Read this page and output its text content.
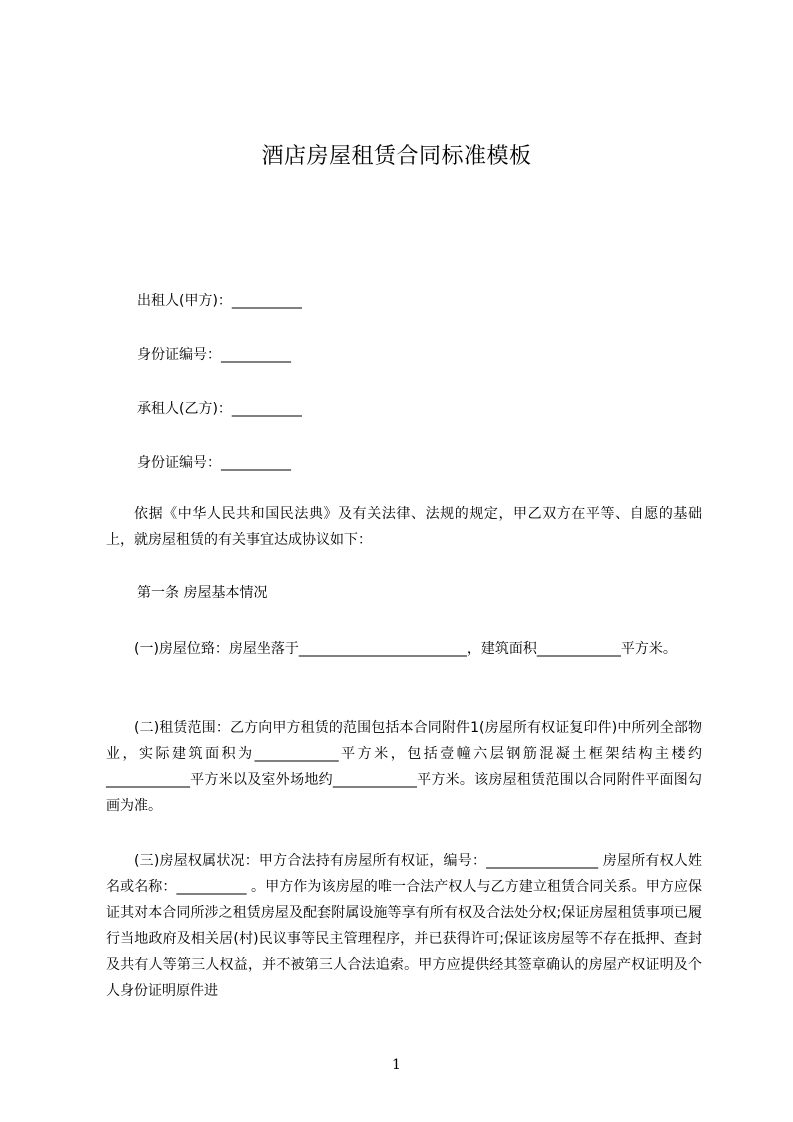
酒店房屋租赁合同标准模板
出租人(甲方)：__________
身份证编号：__________
承租人(乙方)：__________
身份证编号：__________
依据《中华人民共和国民法典》及有关法律、法规的规定，甲乙双方在平等、自愿的基础上，就房屋租赁的有关事宜达成协议如下：
第一条 房屋基本情况
(一)房屋位臵：房屋坐落于________________________，建筑面积____________平方米。
(二)租赁范围：乙方向甲方租赁的范围包括本合同附件1(房屋所有权证复印件)中所列全部物业，实际建筑面积为____________平方米，包括壹幢六层钢筋混凝土框架结构主楼约____________平方米以及室外场地约____________平方米。该房屋租赁范围以合同附件平面图勾画为准。
(三)房屋权属状况：甲方合法持有房屋所有权证，编号：________________ 房屋所有权人姓名或名称：__________ 。甲方作为该房屋的唯一合法产权人与乙方建立租赁合同关系。甲方应保证其对本合同所涉之租赁房屋及配套附属设施等享有所有权及合法处分权;保证房屋租赁事项已履行当地政府及相关居(村)民议事等民主管理程序，并已获得许可;保证该房屋等不存在抵押、查封及共有人等第三人权益，并不被第三人合法追索。甲方应提供经其签章确认的房屋产权证明及个人身份证明原件进
1
